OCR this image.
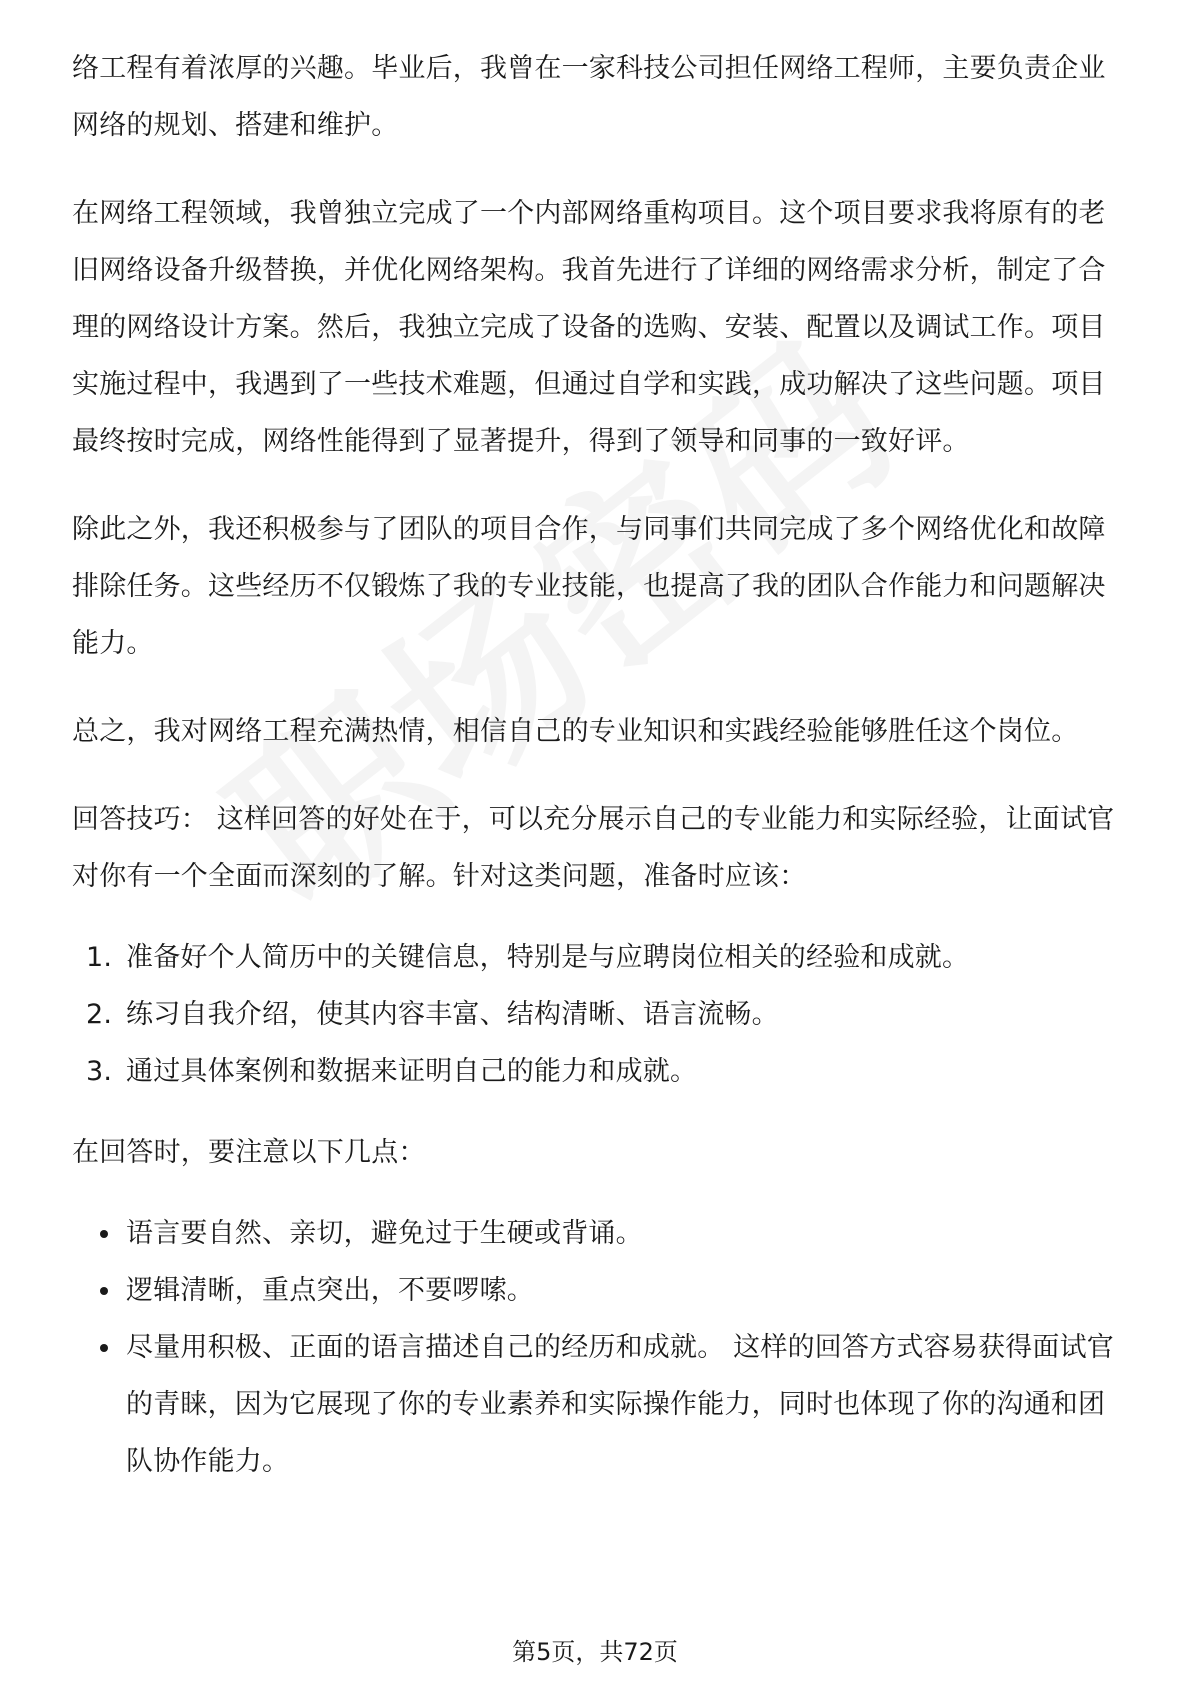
络工程有着浓厚的兴趣。毕业后，我曾在一家科技公司担任网络工程师，主要负责企业网络的规划、搭建和维护。

在网络工程领域，我曾独立完成了一个内部网络重构项目。这个项目要求我将原有的老旧网络设备升级替换，并优化网络架构。我首先进行了详细的网络需求分析，制定了合理的网络设计方案。然后，我独立完成了设备的选购、安装、配置以及调试工作。项目实施过程中，我遇到了一些技术难题，但通过自学和实践，成功解决了这些问题。项目最终按时完成，网络性能得到了显著提升，得到了领导和同事的一致好评。

除此之外，我还积极参与了团队的项目合作，与同事们共同完成了多个网络优化和故障排除任务。这些经历不仅锻炼了我的专业技能，也提高了我的团队合作能力和问题解决能力。

总之，我对网络工程充满热情，相信自己的专业知识和实践经验能够胜任这个岗位。

回答技巧： 这样回答的好处在于，可以充分展示自己的专业能力和实际经验，让面试官对你有一个全面而深刻的了解。针对这类问题，准备时应该：

1. 准备好个人简历中的关键信息，特别是与应聘岗位相关的经验和成就。
2. 练习自我介绍，使其内容丰富、结构清晰、语言流畅。
3. 通过具体案例和数据来证明自己的能力和成就。

在回答时，要注意以下几点：

语言要自然、亲切，避免过于生硬或背诵。
逻辑清晰，重点突出，不要啰嗦。
尽量用积极、正面的语言描述自己的经历和成就。 这样的回答方式容易获得面试官的青睐，因为它展现了你的专业素养和实际操作能力，同时也体现了你的沟通和团队协作能力。
第5页，共72页
